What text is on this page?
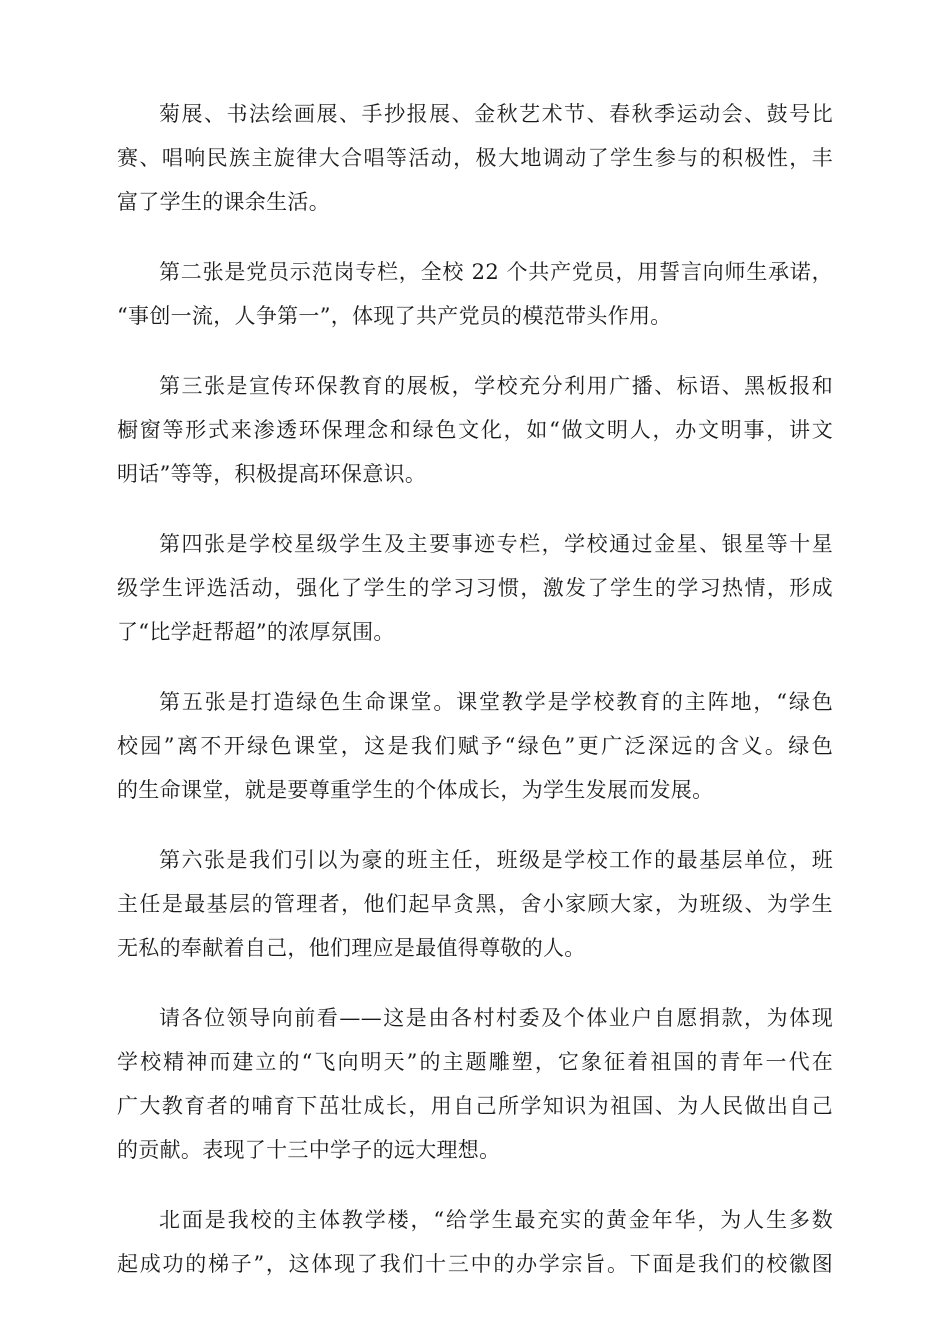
菊展、书法绘画展、手抄报展、金秋艺术节、春秋季运动会、鼓号比
赛、唱响民族主旋律大合唱等活动，极大地调动了学生参与的积极性，丰
富了学生的课余生活。
第二张是党员示范岗专栏，全校 22 个共产党员，用誓言向师生承诺，
“事创一流，人争第一”，体现了共产党员的模范带头作用。
第三张是宣传环保教育的展板，学校充分利用广播、标语、黑板报和
橱窗等形式来渗透环保理念和绿色文化，如“做文明人，办文明事，讲文
明话”等等，积极提高环保意识。
第四张是学校星级学生及主要事迹专栏，学校通过金星、银星等十星
级学生评选活动，强化了学生的学习习惯，激发了学生的学习热情，形成
了“比学赶帮超”的浓厚氛围。
第五张是打造绿色生命课堂。课堂教学是学校教育的主阵地，“绿色
校园”离不开绿色课堂，这是我们赋予“绿色”更广泛深远的含义。绿色
的生命课堂，就是要尊重学生的个体成长，为学生发展而发展。
第六张是我们引以为豪的班主任，班级是学校工作的最基层单位，班
主任是最基层的管理者，他们起早贪黑，舍小家顾大家，为班级、为学生
无私的奉献着自己，他们理应是最值得尊敬的人。
请各位领导向前看——这是由各村村委及个体业户自愿捐款，为体现
学校精神而建立的“飞向明天”的主题雕塑，它象征着祖国的青年一代在
广大教育者的哺育下茁壮成长，用自己所学知识为祖国、为人民做出自己
的贡献。表现了十三中学子的远大理想。
北面是我校的主体教学楼，“给学生最充实的黄金年华，为人生多数
起成功的梯子”，这体现了我们十三中的办学宗旨。下面是我们的校徽图
